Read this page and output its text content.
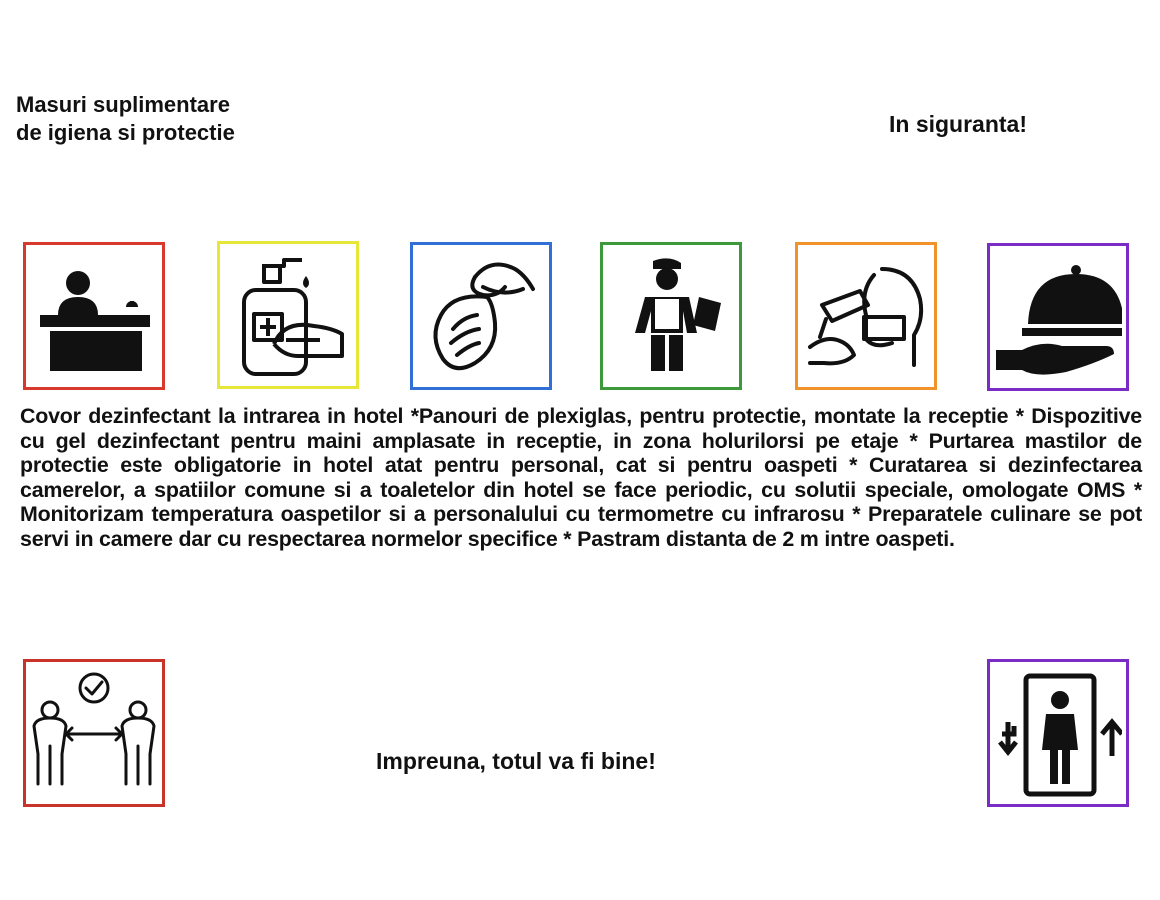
Masuri suplimentare
de igiena si protectie	In siguranta!
Covor dezinfectant la intrarea in hotel *Panouri de plexiglas, pentru protectie, montate la receptie * Dispozitive cu gel dezinfectant pentru maini amplasate in receptie, in zona holurilorsi pe etaje * Purtarea mastilor de protectie este obligatorie in hotel atat pentru personal, cat si pentru oaspeti * Curatarea si dezinfectarea camerelor, a spatiilor comune si a toaletelor din hotel se face periodic, cu solutii speciale, omologate OMS * Monitorizam temperatura oaspetilor si a personalului cu termometre cu infrarosu * Preparatele culinare se pot servi in camere dar cu respectarea normelor specifice * Pastram distanta de 2 m intre oaspeti.
Impreuna, totul va fi bine!
